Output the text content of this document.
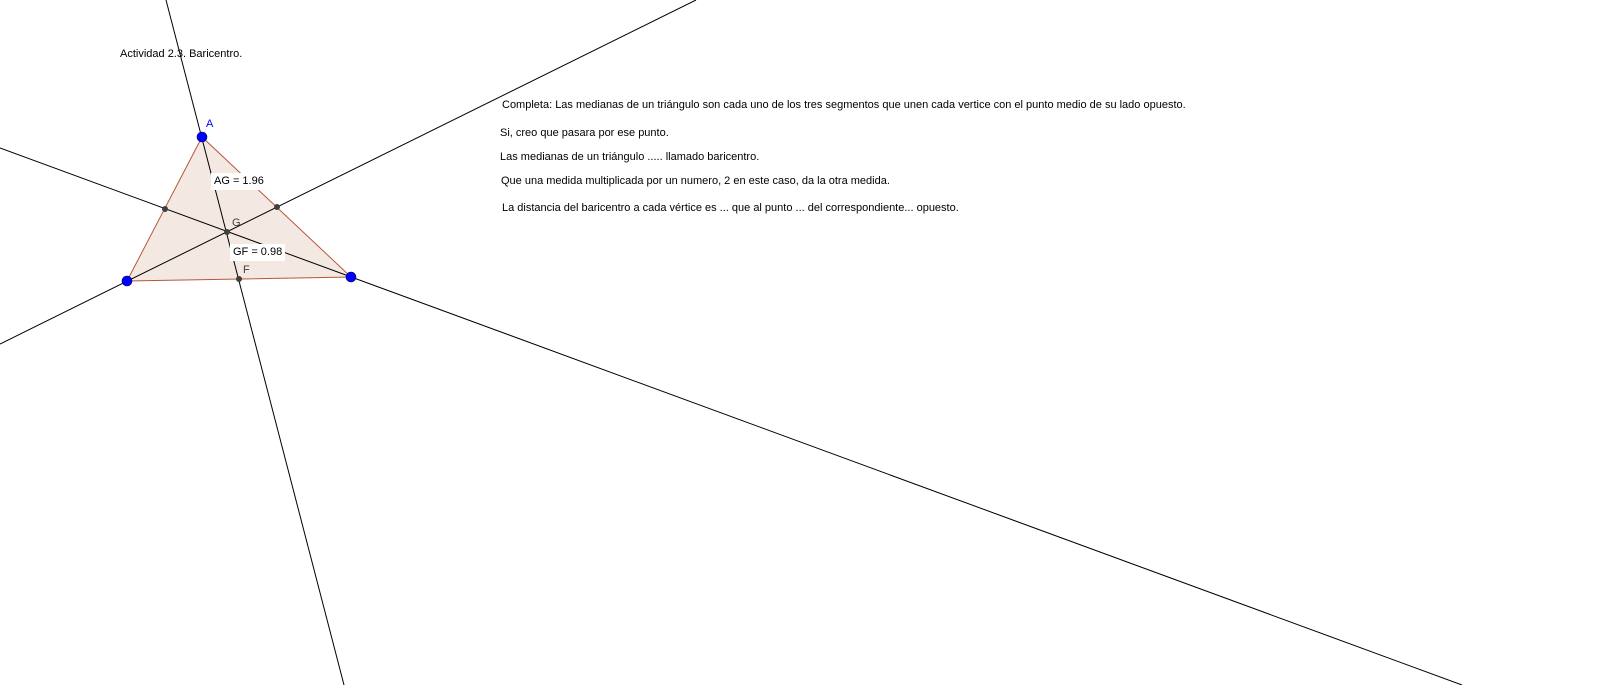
A
G
F
Actividad 2.3. Baricentro.
AG = 1.96
GF = 0.98
Completa: Las medianas de un triángulo son cada uno de los tres segmentos que unen cada vertice con el punto medio de su lado opuesto.
Si, creo que pasara por ese punto.
Las medianas de un triángulo ..... llamado baricentro.
Que una medida multiplicada por un numero, 2 en este caso, da la otra medida.
La distancia del baricentro a cada vértice es ... que al punto ... del correspondiente... opuesto.
